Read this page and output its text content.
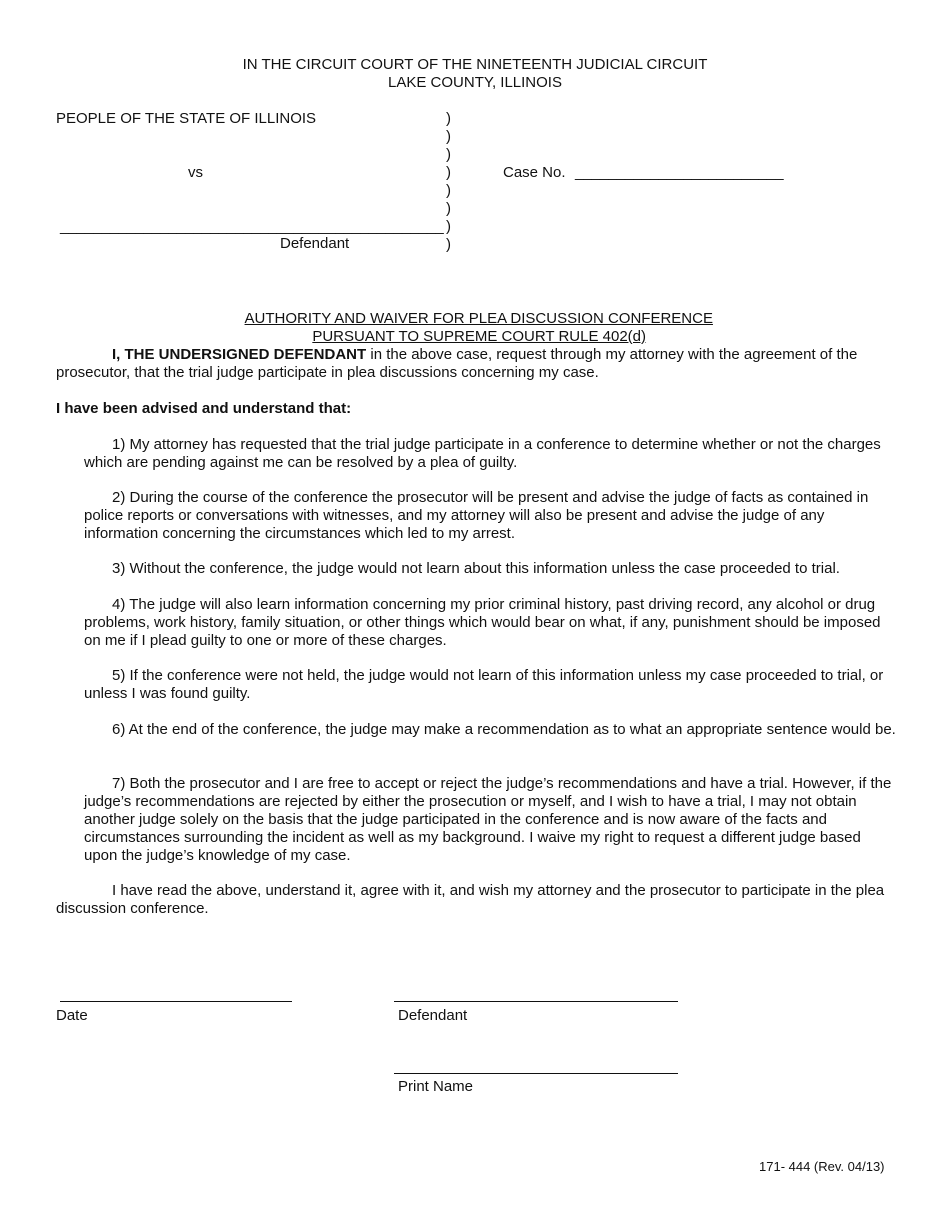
IN THE CIRCUIT COURT OF THE NINETEENTH JUDICIAL CIRCUIT
LAKE COUNTY, ILLINOIS
PEOPLE OF THE STATE OF ILLINOIS
vs
______________________________________________
Defendant
)
)
)
)
)
)
)
)
Case No. _________________________

AUTHORITY AND WAIVER FOR PLEA DISCUSSION CONFERENCE

PURSUANT TO SUPREME COURT RULE 402(d)

I, THE UNDERSIGNED DEFENDANT in the above case, request through my attorney with the agreement of the prosecutor, that the trial judge participate in plea discussions concerning my case.
I have been advised and understand that:
1) My attorney has requested that the trial judge participate in a conference to determine whether or not the charges which are pending against me can be resolved by a plea of guilty.
2) During the course of the conference the prosecutor will be present and advise the judge of facts as contained in police reports or conversations with witnesses, and my attorney will also be present and advise the judge of any information concerning the circumstances which led to my arrest.
3) Without the conference, the judge would not learn about this information unless the case proceeded to trial.
4) The judge will also learn information concerning my prior criminal history, past driving record, any alcohol or drug problems, work history, family situation, or other things which would bear on what, if any, punishment should be imposed on me if I plead guilty to one or more of these charges.
5) If the conference were not held, the judge would not learn of this information unless my case proceeded to trial, or unless I was found guilty.
6) At the end of the conference, the judge may make a recommendation as to what an appropriate sentence would be.
7) Both the prosecutor and I are free to accept or reject the judge’s recommendations and have a trial. However, if the judge’s recommendations are rejected by either the prosecution or myself, and I wish to have a trial, I may not obtain another judge solely on the basis that the judge participated in the conference and is now aware of the facts and circumstances surrounding the incident as well as my background. I waive my right to request a different judge based upon the judge’s knowledge of my case.
I have read the above, understand it, agree with it, and wish my attorney and the prosecutor to participate in the plea discussion conference.
Date	Defendant
Print Name
171- 444 (Rev. 04/13)
